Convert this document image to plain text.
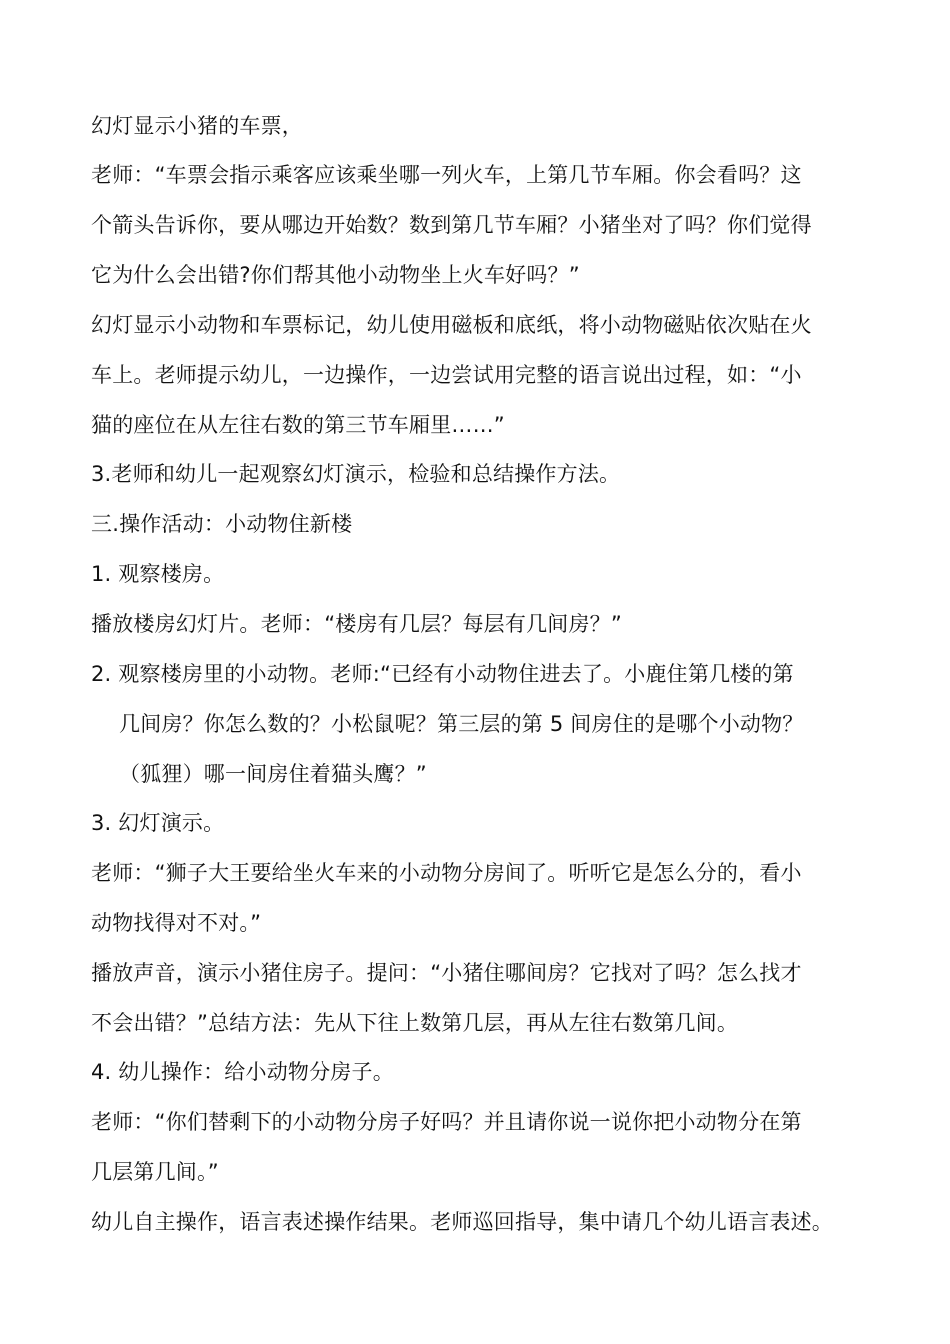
幻灯显示小猪的车票，
老师：“车票会指示乘客应该乘坐哪一列火车，上第几节车厢。你会看吗？这
个箭头告诉你，要从哪边开始数？数到第几节车厢？小猪坐对了吗？你们觉得
它为什么会出错?你们帮其他小动物坐上火车好吗？”
幻灯显示小动物和车票标记，幼儿使用磁板和底纸，将小动物磁贴依次贴在火
车上。老师提示幼儿，一边操作，一边尝试用完整的语言说出过程，如：“小
猫的座位在从左往右数的第三节车厢里……”
3.老师和幼儿一起观察幻灯演示，检验和总结操作方法。
三.操作活动：小动物住新楼
1. 观察楼房。
播放楼房幻灯片。老师：“楼房有几层？每层有几间房？”
2. 观察楼房里的小动物。老师:“已经有小动物住进去了。小鹿住第几楼的第
几间房？你怎么数的？小松鼠呢？第三层的第 5 间房住的是哪个小动物？
（狐狸）哪一间房住着猫头鹰？”
3. 幻灯演示。
老师：“狮子大王要给坐火车来的小动物分房间了。听听它是怎么分的，看小
动物找得对不对。”
播放声音，演示小猪住房子。提问：“小猪住哪间房？它找对了吗？怎么找才
不会出错？”总结方法：先从下往上数第几层，再从左往右数第几间。
4. 幼儿操作：给小动物分房子。
老师：“你们替剩下的小动物分房子好吗？并且请你说一说你把小动物分在第
几层第几间。”
幼儿自主操作，语言表述操作结果。老师巡回指导，集中请几个幼儿语言表述。
